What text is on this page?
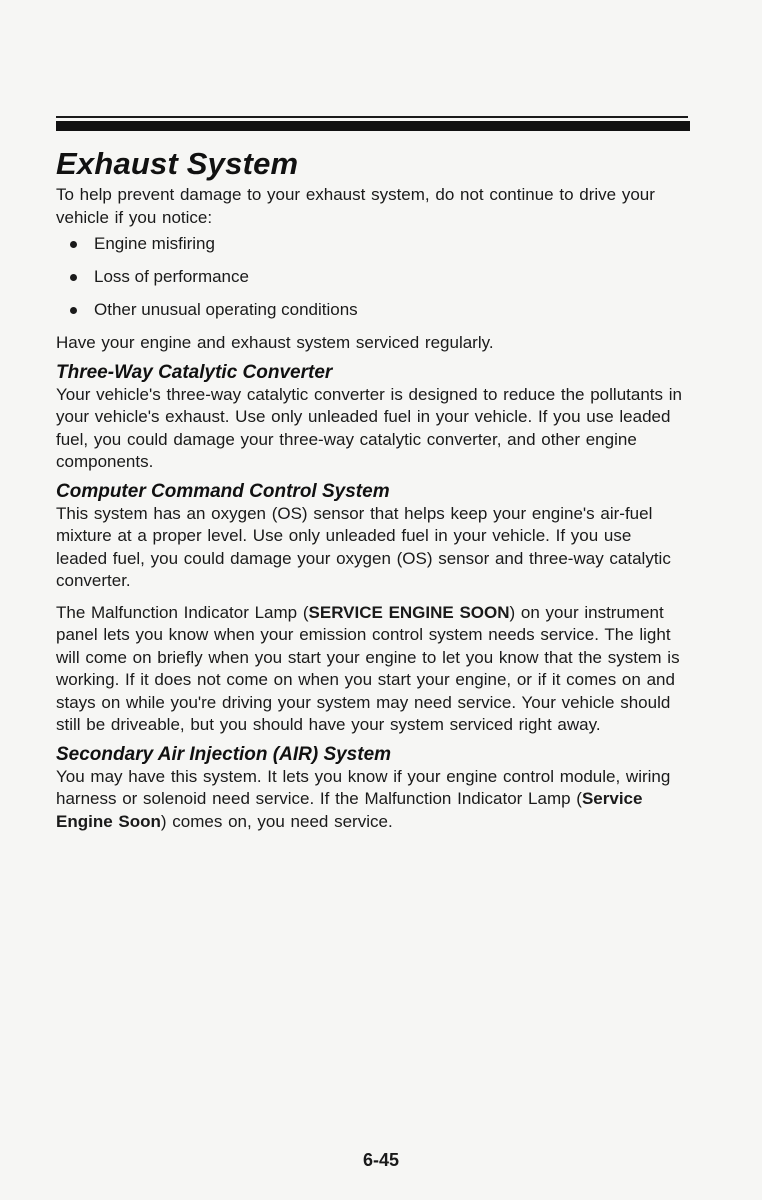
Exhaust System

To help prevent damage to your exhaust system, do not continue to drive your vehicle if you notice:

Engine misfiring
Loss of performance
Other unusual operating conditions

Have your engine and exhaust system serviced regularly.

Three-Way Catalytic Converter

Your vehicle's three-way catalytic converter is designed to reduce the pollutants in your vehicle's exhaust. Use only unleaded fuel in your vehicle. If you use leaded fuel, you could damage your three-way catalytic converter, and other engine components.

Computer Command Control System

This system has an oxygen (OS) sensor that helps keep your engine's air-fuel mixture at a proper level. Use only unleaded fuel in your vehicle. If you use leaded fuel, you could damage your oxygen (OS) sensor and three-way catalytic converter.

The Malfunction Indicator Lamp (SERVICE ENGINE SOON) on your instrument panel lets you know when your emission control system needs service. The light will come on briefly when you start your engine to let you know that the system is working. If it does not come on when you start your engine, or if it comes on and stays on while you're driving your system may need service. Your vehicle should still be driveable, but you should have your system serviced right away.

Secondary Air Injection (AIR) System

You may have this system. It lets you know if your engine control module, wiring harness or solenoid need service. If the Malfunction Indicator Lamp (Service Engine Soon) comes on, you need service.

6-45
